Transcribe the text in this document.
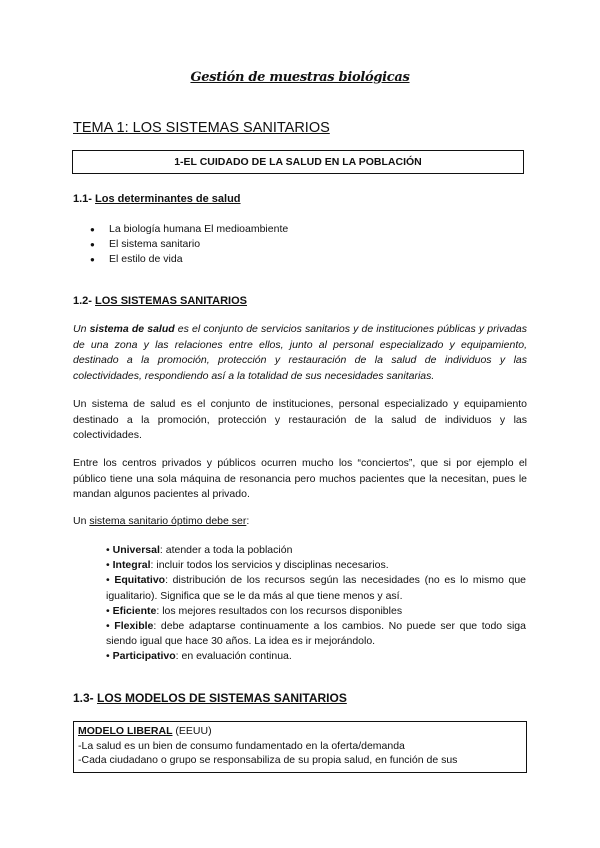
Gestión de muestras biológicas
TEMA 1: LOS SISTEMAS SANITARIOS
1-EL CUIDADO DE LA SALUD EN LA POBLACIÓN
1.1- Los determinantes de salud
● La biología humana El medioambiente
● El sistema sanitario
● El estilo de vida
1.2- LOS SISTEMAS SANITARIOS
Un sistema de salud es el conjunto de servicios sanitarios y de instituciones públicas y privadas de una zona y las relaciones entre ellos, junto al personal especializado y equipamiento, destinado a la promoción, protección y restauración de la salud de individuos y las colectividades, respondiendo así a la totalidad de sus necesidades sanitarias.
Un sistema de salud es el conjunto de instituciones, personal especializado y equipamiento destinado a la promoción, protección y restauración de la salud de individuos y las colectividades.
Entre los centros privados y públicos ocurren mucho los “conciertos”, que si por ejemplo el público tiene una sola máquina de resonancia pero muchos pacientes que la necesitan, pues le mandan algunos pacientes al privado.
Un sistema sanitario óptimo debe ser:
• Universal: atender a toda la población
• Integral: incluir todos los servicios y disciplinas necesarios.
• Equitativo: distribución de los recursos según las necesidades (no es lo mismo que igualitario). Significa que se le da más al que tiene menos y así.
• Eficiente: los mejores resultados con los recursos disponibles
• Flexible: debe adaptarse continuamente a los cambios. No puede ser que todo siga siendo igual que hace 30 años. La idea es ir mejorándolo.
• Participativo: en evaluación continua.
1.3- LOS MODELOS DE SISTEMAS SANITARIOS
MODELO LIBERAL (EEUU)
-La salud es un bien de consumo fundamentado en la oferta/demanda
-Cada ciudadano o grupo se responsabiliza de su propia salud, en función de sus
